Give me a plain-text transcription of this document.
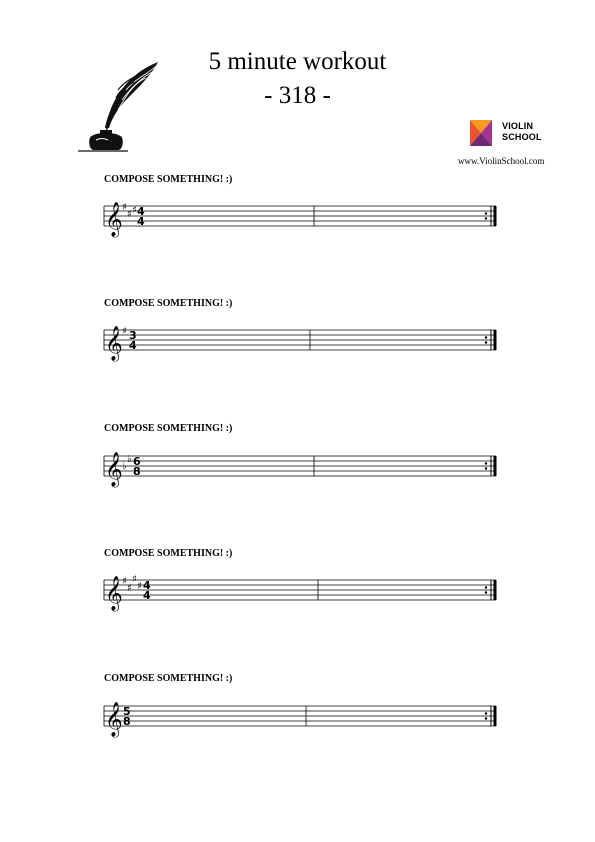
5 minute workout
- 318 -
VIOLIN
SCHOOL
www.ViolinSchool.com
COMPOSE SOMETHING! :)
𝄞 ♯
♯ ♯ 4
4
COMPOSE SOMETHING! :)
𝄞 ♯ 3
4
COMPOSE SOMETHING! :)
𝄞 ♭
♭ 6
8
COMPOSE SOMETHING! :)
𝄞 ♯
♯
♯
♯ 4
4
COMPOSE SOMETHING! :)
𝄞 5
8
